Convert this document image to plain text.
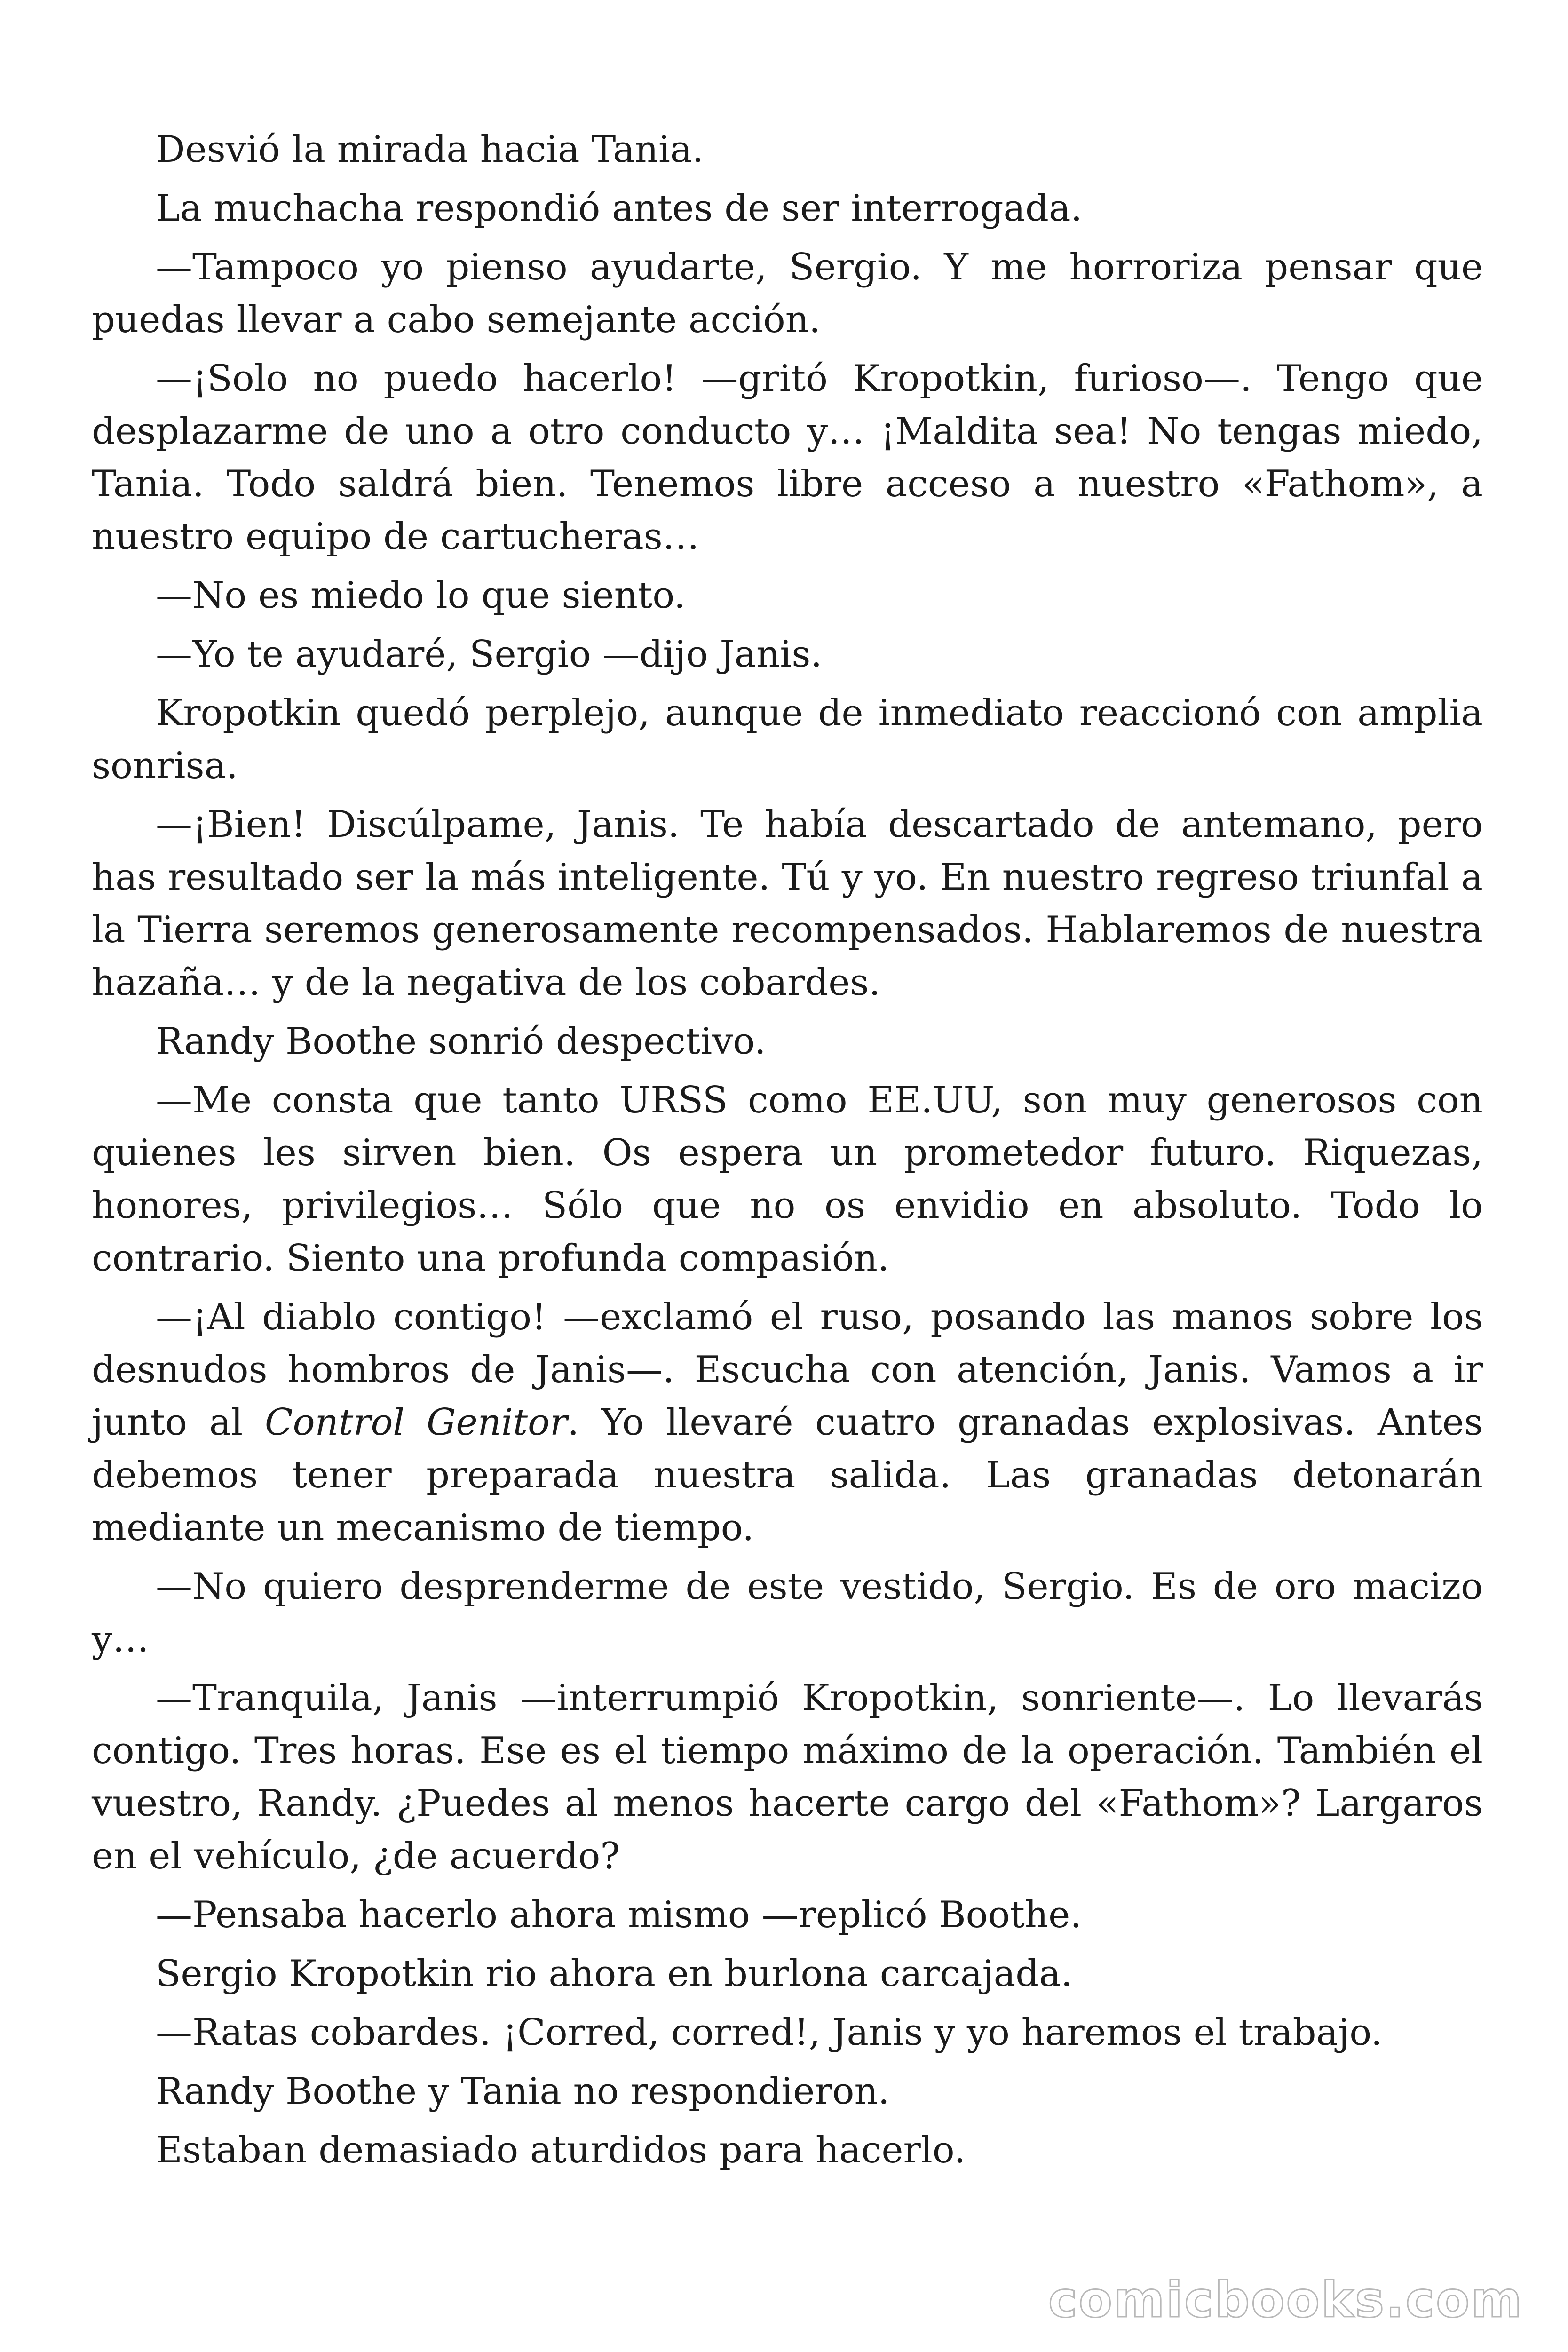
Desvió la mirada hacia Tania.

La muchacha respondió antes de ser interrogada.

—Tampoco yo pienso ayudarte, Sergio. Y me horroriza pensar que puedas llevar a cabo semejante acción.

—¡Solo no puedo hacerlo! —gritó Kropotkin, furioso—. Tengo que desplazarme de uno a otro conducto y… ¡Maldita sea! No tengas miedo, Tania. Todo saldrá bien. Tenemos libre acceso a nuestro «Fathom», a nuestro equipo de cartucheras…

—No es miedo lo que siento.

—Yo te ayudaré, Sergio —dijo Janis.

Kropotkin quedó perplejo, aunque de inmediato reaccionó con amplia sonrisa.

—¡Bien! Discúlpame, Janis. Te había descartado de antemano, pero has resultado ser la más inteligente. Tú y yo. En nuestro regreso triunfal a la Tierra seremos generosamente recompensados. Hablaremos de nuestra hazaña… y de la negativa de los cobardes.

Randy Boothe sonrió despectivo.

—Me consta que tanto URSS como EE.UU, son muy generosos con quienes les sirven bien. Os espera un prometedor futuro. Riquezas, honores, privilegios… Sólo que no os envidio en absoluto. Todo lo contrario. Siento una profunda compasión.

—¡Al diablo contigo! —exclamó el ruso, posando las manos sobre los desnudos hombros de Janis—. Escucha con atención, Janis. Vamos a ir junto al Control Genitor. Yo llevaré cuatro granadas explosivas. Antes debemos tener preparada nuestra salida. Las granadas detonarán mediante un mecanismo de tiempo.

—No quiero desprenderme de este vestido, Sergio. Es de oro macizo y…

—Tranquila, Janis —interrumpió Kropotkin, sonriente—. Lo llevarás contigo. Tres horas. Ese es el tiempo máximo de la operación. También el vuestro, Randy. ¿Puedes al menos hacerte cargo del «Fathom»? Largaros en el vehículo, ¿de acuerdo?

—Pensaba hacerlo ahora mismo —replicó Boothe.

Sergio Kropotkin rio ahora en burlona carcajada.

—Ratas cobardes. ¡Corred, corred!, Janis y yo haremos el trabajo.

Randy Boothe y Tania no respondieron.

Estaban demasiado aturdidos para hacerlo.

comicbooks.com
